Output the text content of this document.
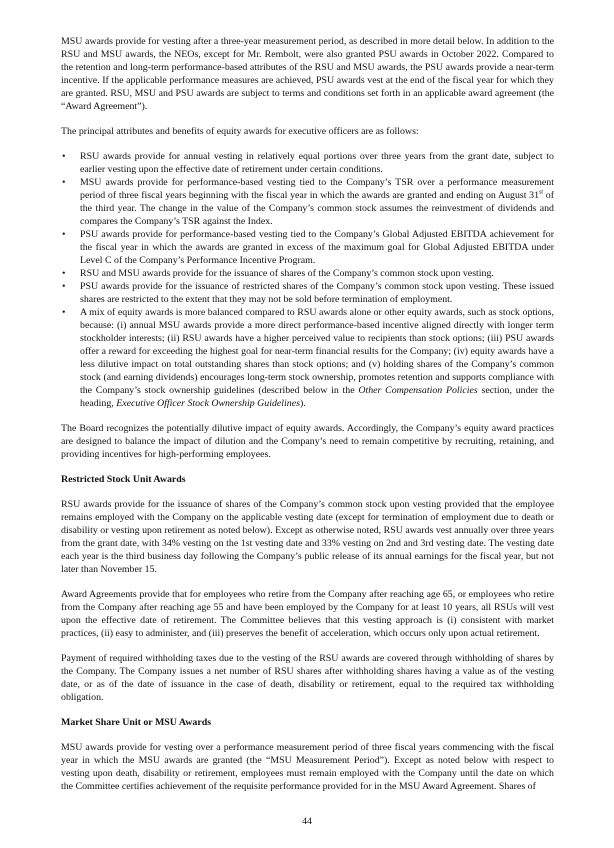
MSU awards provide for vesting after a three-year measurement period, as described in more detail below. In addition to the RSU and MSU awards, the NEOs, except for Mr. Rembolt, were also granted PSU awards in October 2022. Compared to the retention and long-term performance-based attributes of the RSU and MSU awards, the PSU awards provide a near-term incentive. If the applicable performance measures are achieved, PSU awards vest at the end of the fiscal year for which they are granted. RSU, MSU and PSU awards are subject to terms and conditions set forth in an applicable award agreement (the “Award Agreement”).

The principal attributes and benefits of equity awards for executive officers are as follows:

• RSU awards provide for annual vesting in relatively equal portions over three years from the grant date, subject to earlier vesting upon the effective date of retirement under certain conditions.
• MSU awards provide for performance-based vesting tied to the Company’s TSR over a performance measurement period of three fiscal years beginning with the fiscal year in which the awards are granted and ending on August 31st of the third year. The change in the value of the Company’s common stock assumes the reinvestment of dividends and compares the Company’s TSR against the Index.
• PSU awards provide for performance-based vesting tied to the Company’s Global Adjusted EBITDA achievement for the fiscal year in which the awards are granted in excess of the maximum goal for Global Adjusted EBITDA under Level C of the Company’s Performance Incentive Program.
• RSU and MSU awards provide for the issuance of shares of the Company’s common stock upon vesting.
• PSU awards provide for the issuance of restricted shares of the Company’s common stock upon vesting. These issued shares are restricted to the extent that they may not be sold before termination of employment.
• A mix of equity awards is more balanced compared to RSU awards alone or other equity awards, such as stock options, because: (i) annual MSU awards provide a more direct performance-based incentive aligned directly with longer term stockholder interests; (ii) RSU awards have a higher perceived value to recipients than stock options; (iii) PSU awards offer a reward for exceeding the highest goal for near-term financial results for the Company; (iv) equity awards have a less dilutive impact on total outstanding shares than stock options; and (v) holding shares of the Company’s common stock (and earning dividends) encourages long-term stock ownership, promotes retention and supports compliance with the Company’s stock ownership guidelines (described below in the Other Compensation Policies section, under the heading, Executive Officer Stock Ownership Guidelines).

The Board recognizes the potentially dilutive impact of equity awards. Accordingly, the Company’s equity award practices are designed to balance the impact of dilution and the Company’s need to remain competitive by recruiting, retaining, and providing incentives for high-performing employees.

Restricted Stock Unit Awards

RSU awards provide for the issuance of shares of the Company’s common stock upon vesting provided that the employee remains employed with the Company on the applicable vesting date (except for termination of employment due to death or disability or vesting upon retirement as noted below). Except as otherwise noted, RSU awards vest annually over three years from the grant date, with 34% vesting on the 1st vesting date and 33% vesting on 2nd and 3rd vesting date. The vesting date each year is the third business day following the Company’s public release of its annual earnings for the fiscal year, but not later than November 15.

Award Agreements provide that for employees who retire from the Company after reaching age 65, or employees who retire from the Company after reaching age 55 and have been employed by the Company for at least 10 years, all RSUs will vest upon the effective date of retirement. The Committee believes that this vesting approach is (i) consistent with market practices, (ii) easy to administer, and (iii) preserves the benefit of acceleration, which occurs only upon actual retirement.

Payment of required withholding taxes due to the vesting of the RSU awards are covered through withholding of shares by the Company. The Company issues a net number of RSU shares after withholding shares having a value as of the vesting date, or as of the date of issuance in the case of death, disability or retirement, equal to the required tax withholding obligation.

Market Share Unit or MSU Awards

MSU awards provide for vesting over a performance measurement period of three fiscal years commencing with the fiscal year in which the MSU awards are granted (the “MSU Measurement Period”). Except as noted below with respect to vesting upon death, disability or retirement, employees must remain employed with the Company until the date on which the Committee certifies achievement of the requisite performance provided for in the MSU Award Agreement. Shares of

44
